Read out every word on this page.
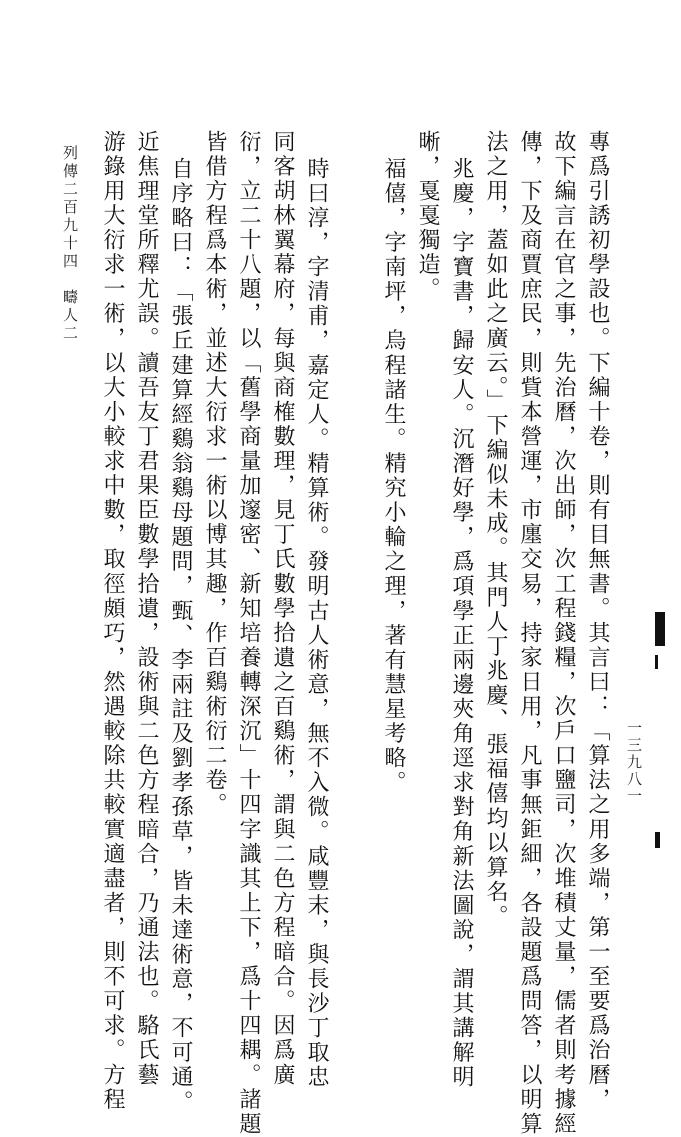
專爲引誘初學設也。下編十卷，則有目無書。其言曰：「算法之用多端，第一至要爲治曆，
故下編言在官之事，先治曆，次出師，次工程錢糧，次戶口鹽司，次堆積丈量，儒者則考據經
傳，下及商賈庶民，則貲本營運，市廛交易，持家日用，凡事無鉅細，各設題爲問答，以明算
法之用，蓋如此之廣云。」下編似未成。其門人丁兆慶、張福僖均以算名。
兆慶，字寶書，歸安人。沉潛好學，爲項學正兩邊夾角逕求對角新法圖說，謂其講解明
晰，戛戛獨造。
福僖，字南坪，烏程諸生。精究小輪之理，著有慧星考略。
時曰淳，字清甫，嘉定人。精算術。發明古人術意，無不入微。咸豐末，與長沙丁取忠
同客胡林翼幕府，每與商榷數理，見丁氏數學拾遺之百鷄術，謂與二色方程暗合。因爲廣
衍，立二十八題，以「舊學商量加邃密、新知培養轉深沉」十四字識其上下，爲十四耦。諸題
皆借方程爲本術，並述大衍求一術以博其趣，作百鷄術衍二卷。
自序略曰：「張丘建算經鷄翁鷄母題問，甄、李兩註及劉孝孫草，皆未達術意，不可通。
近焦理堂所釋尤誤。讀吾友丁君果臣數學拾遺，設術與二色方程暗合，乃通法也。駱氏藝
游錄用大衍求一術，以大小較求中數，取徑頗巧，然遇較除共較實適盡者，則不可求。方程
列傳二百九十四　疇人二
一三九八一
